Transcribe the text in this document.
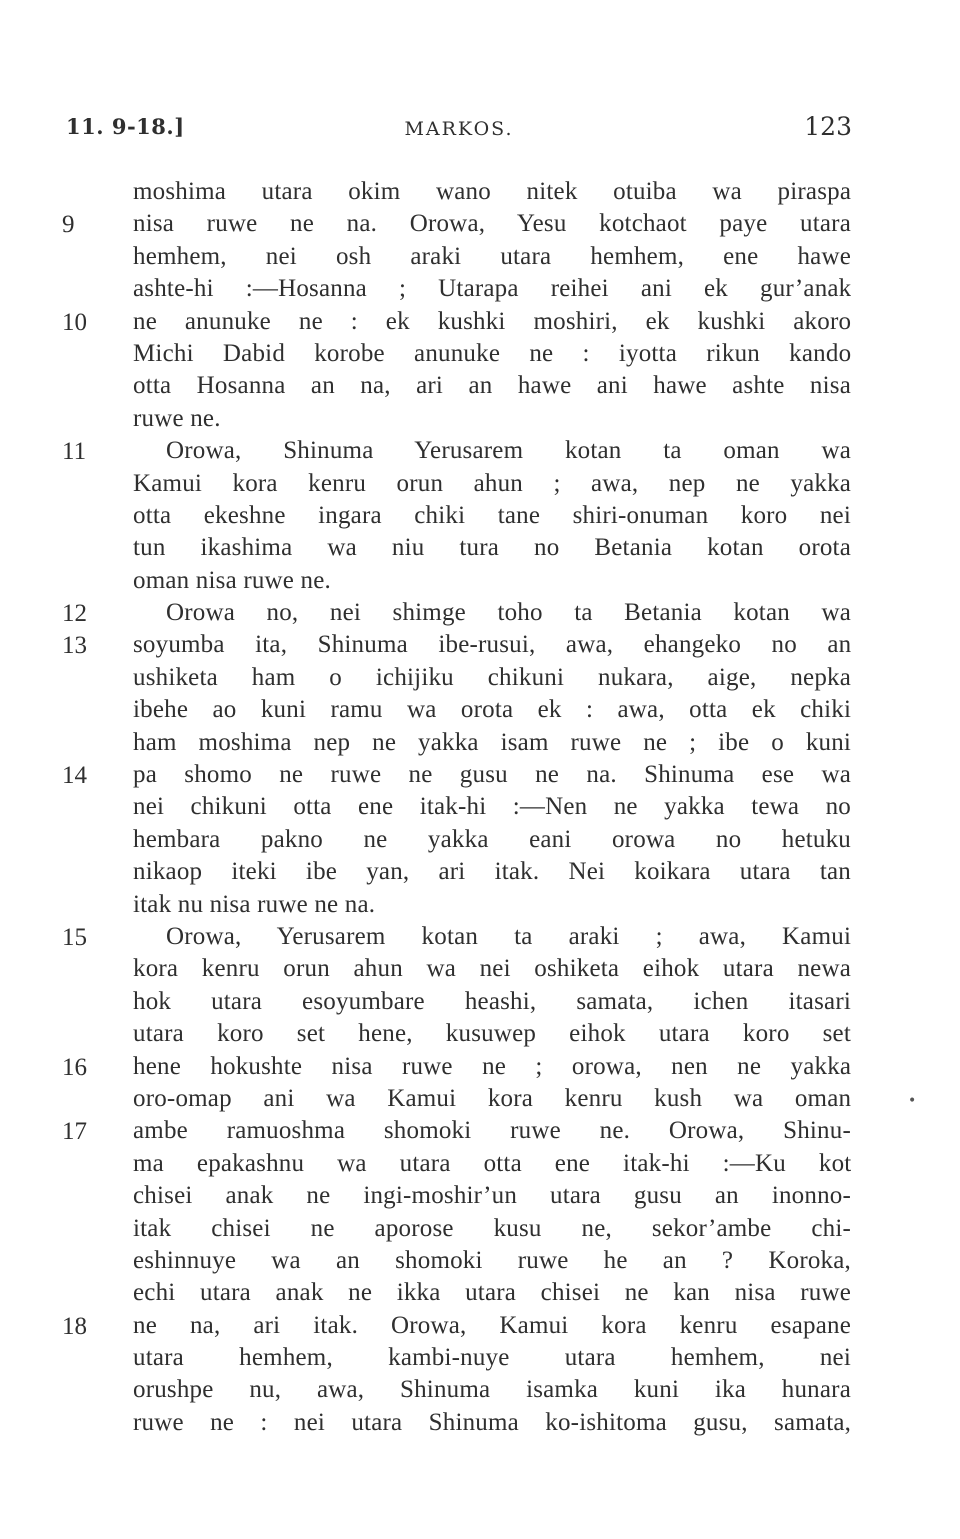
11. 9-18.]	MARKOS.	123
moshima utara okim wano nitek otuiba wa piraspa
9	nisa ruwe ne na. Orowa, Yesu kotchaot paye utara
hemhem, nei osh araki utara hemhem, ene hawe
ashte-hi :—Hosanna ; Utarapa reihei ani ek gur’anak
10	ne anunuke ne : ek kushki moshiri, ek kushki akoro
Michi Dabid korobe anunuke ne : iyotta rikun kando
otta Hosanna an na, ari an hawe ani hawe ashte nisa
ruwe ne.
11	Orowa, Shinuma Yerusarem kotan ta oman wa
Kamui kora kenru orun ahun ; awa, nep ne yakka
otta ekeshne ingara chiki tane shiri-onuman koro nei
tun ikashima wa niu tura no Betania kotan orota
oman nisa ruwe ne.
12	Orowa no, nei shimge toho ta Betania kotan wa
13	soyumba ita, Shinuma ibe-rusui, awa, ehangeko no an
ushiketa ham o ichijiku chikuni nukara, aige, nepka
ibehe ao kuni ramu wa orota ek : awa, otta ek chiki
ham moshima nep ne yakka isam ruwe ne ; ibe o kuni
14	pa shomo ne ruwe ne gusu ne na. Shinuma ese wa
nei chikuni otta ene itak-hi :—Nen ne yakka tewa no
hembara pakno ne yakka eani orowa no hetuku
nikaop iteki ibe yan, ari itak. Nei koikara utara tan
itak nu nisa ruwe ne na.
15	Orowa, Yerusarem kotan ta araki ; awa, Kamui
kora kenru orun ahun wa nei oshiketa eihok utara newa
hok utara esoyumbare heashi, samata, ichen itasari
utara koro set hene, kusuwep eihok utara koro set
16	hene hokushte nisa ruwe ne ; orowa, nen ne yakka
oro-omap ani wa Kamui kora kenru kush wa oman
17	ambe ramuoshma shomoki ruwe ne. Orowa, Shinu-
ma epakashnu wa utara otta ene itak-hi :—Ku kot
chisei anak ne ingi-moshir’un utara gusu an inonno-
itak chisei ne aporose kusu ne, sekor’ambe chi-
eshinnuye wa an shomoki ruwe he an ? Koroka,
echi utara anak ne ikka utara chisei ne kan nisa ruwe
18	ne na, ari itak. Orowa, Kamui kora kenru esapane
utara hemhem, kambi-nuye utara hemhem, nei
orushpe nu, awa, Shinuma isamka kuni ika hunara
ruwe ne : nei utara Shinuma ko-ishitoma gusu, samata,
•
